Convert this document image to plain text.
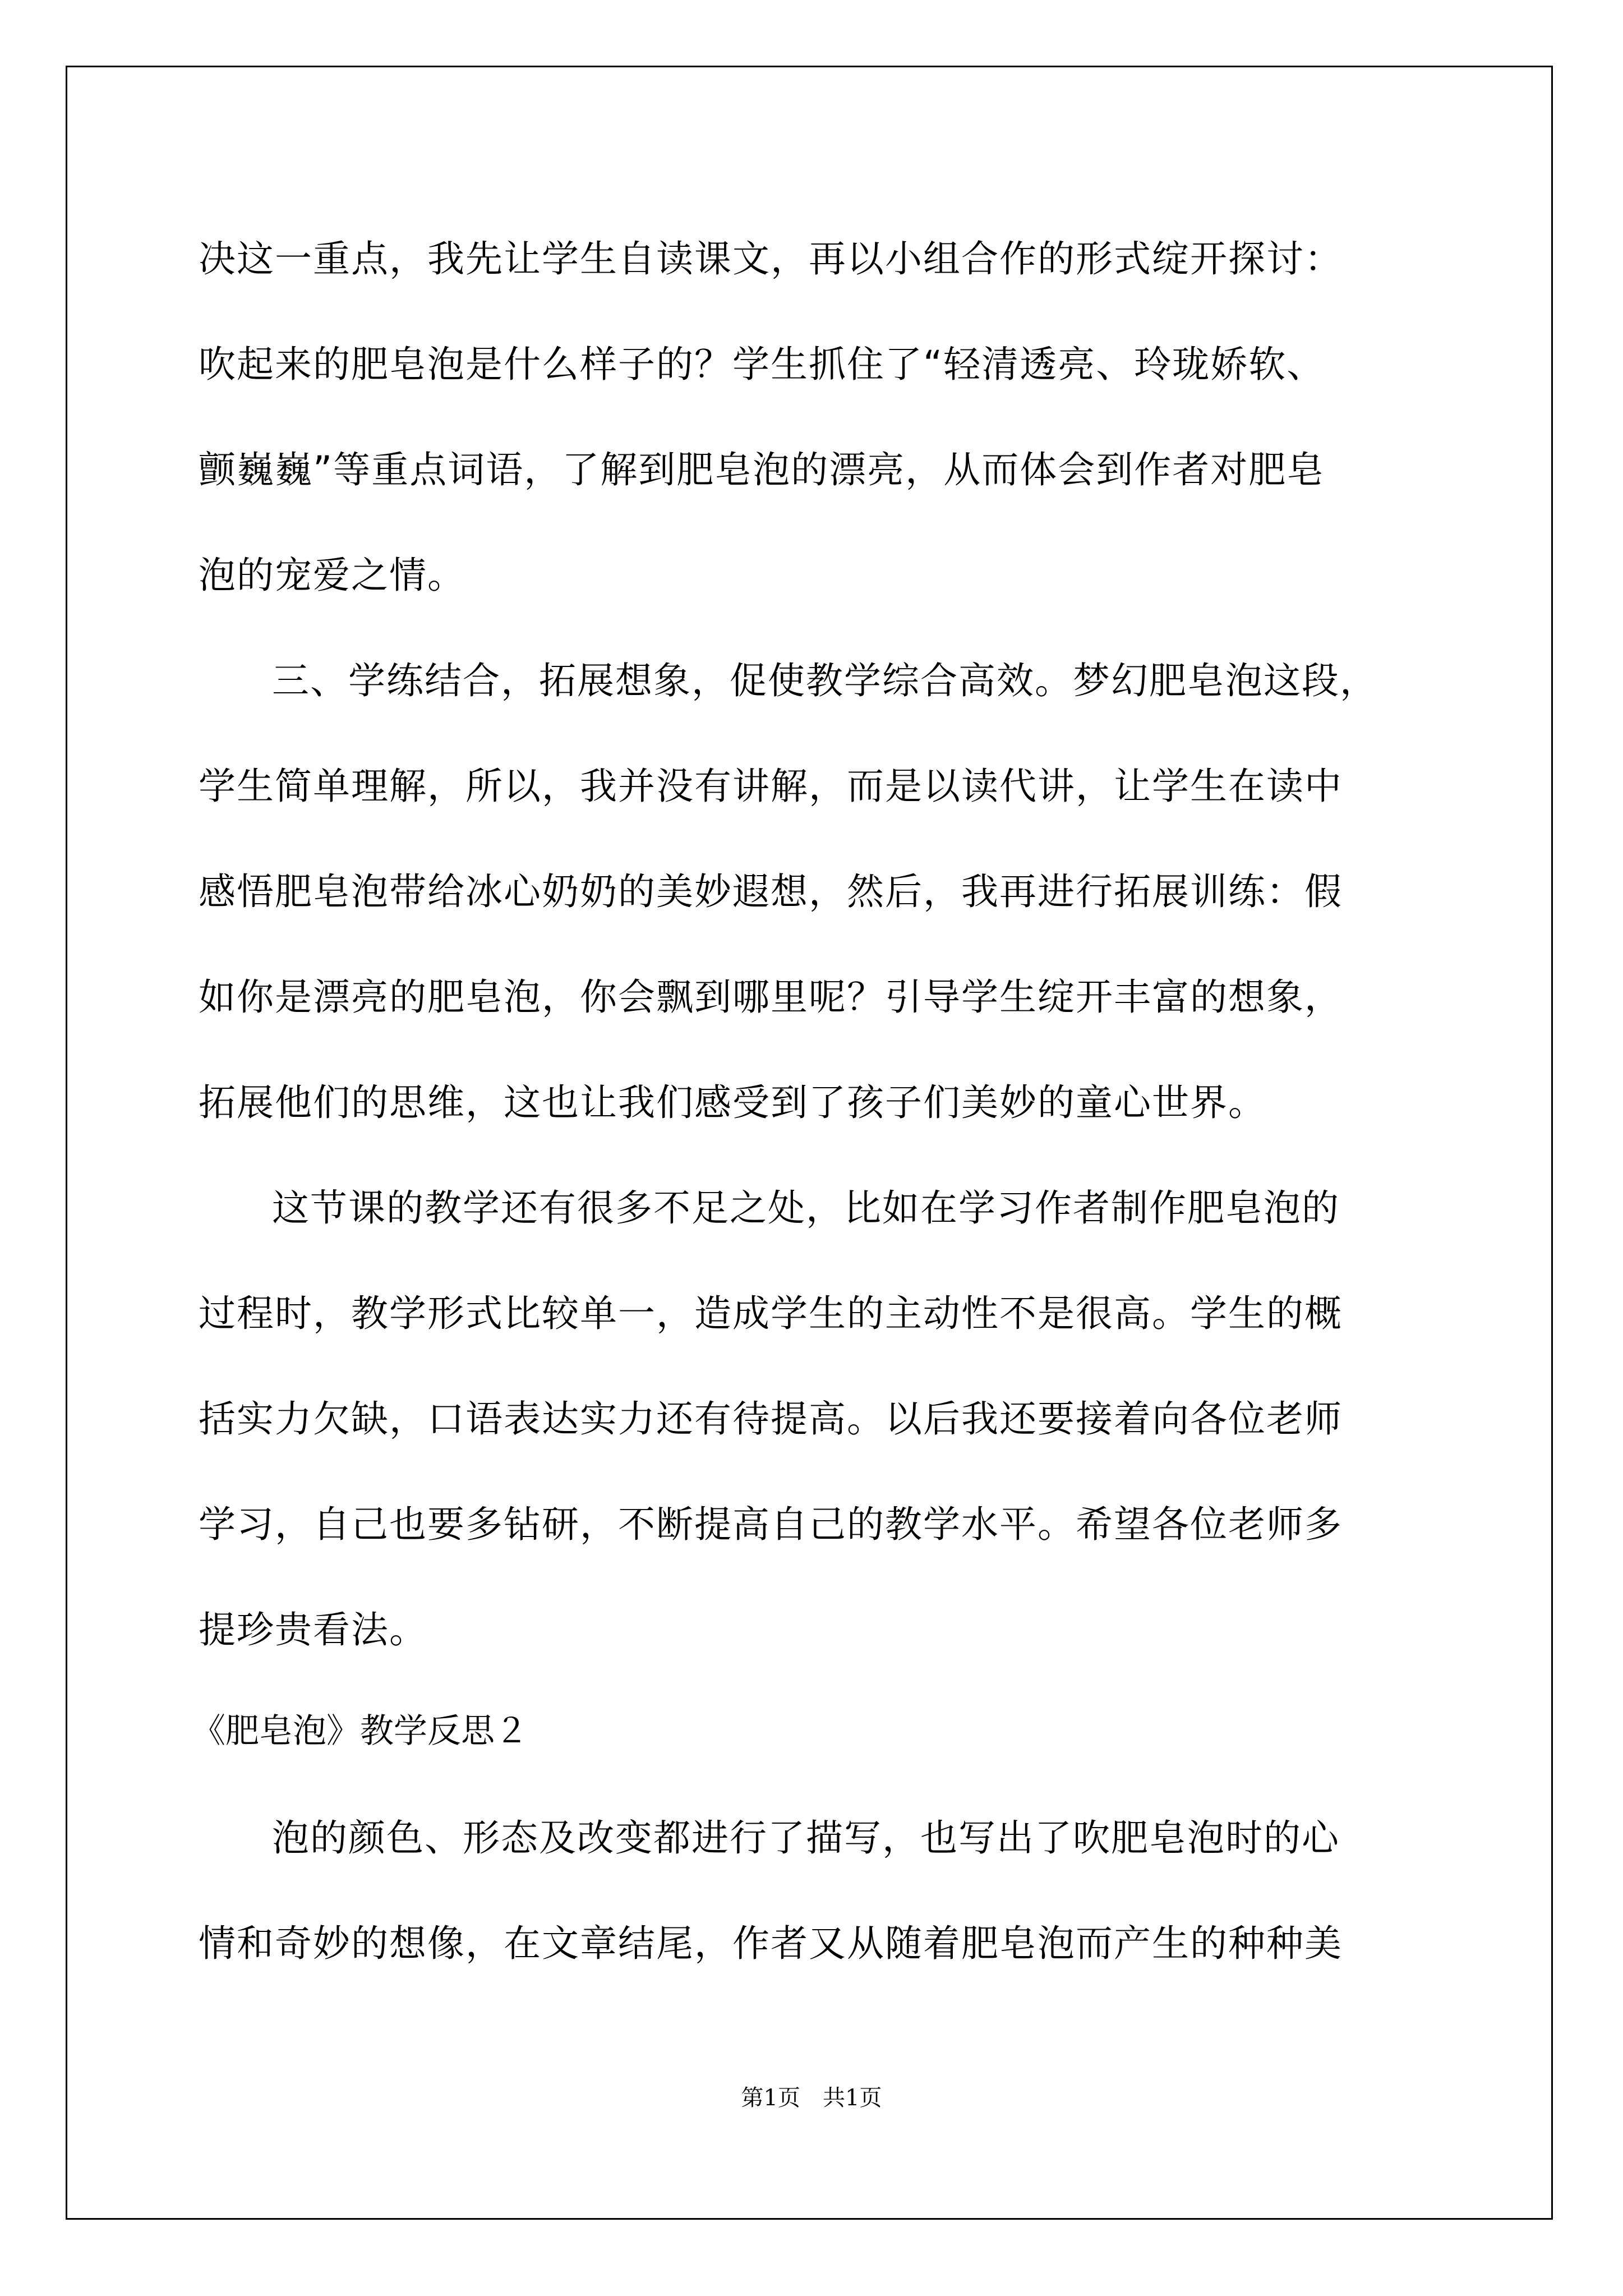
决这一重点，我先让学生自读课文，再以小组合作的形式绽开探讨：
吹起来的肥皂泡是什么样子的？学生抓住了“轻清透亮、玲珑娇软、
颤巍巍”等重点词语，了解到肥皂泡的漂亮，从而体会到作者对肥皂
泡的宠爱之情。
三、学练结合，拓展想象，促使教学综合高效。梦幻肥皂泡这段，
学生简单理解，所以，我并没有讲解，而是以读代讲，让学生在读中
感悟肥皂泡带给冰心奶奶的美妙遐想，然后，我再进行拓展训练：假
如你是漂亮的肥皂泡，你会飘到哪里呢？引导学生绽开丰富的想象，
拓展他们的思维，这也让我们感受到了孩子们美妙的童心世界。
这节课的教学还有很多不足之处，比如在学习作者制作肥皂泡的
过程时，教学形式比较单一，造成学生的主动性不是很高。学生的概
括实力欠缺，口语表达实力还有待提高。以后我还要接着向各位老师
学习，自己也要多钻研，不断提高自己的教学水平。希望各位老师多
提珍贵看法。
《肥皂泡》教学反思２
泡的颜色、形态及改变都进行了描写，也写出了吹肥皂泡时的心
情和奇妙的想像，在文章结尾，作者又从随着肥皂泡而产生的种种美
第1页　共1页
